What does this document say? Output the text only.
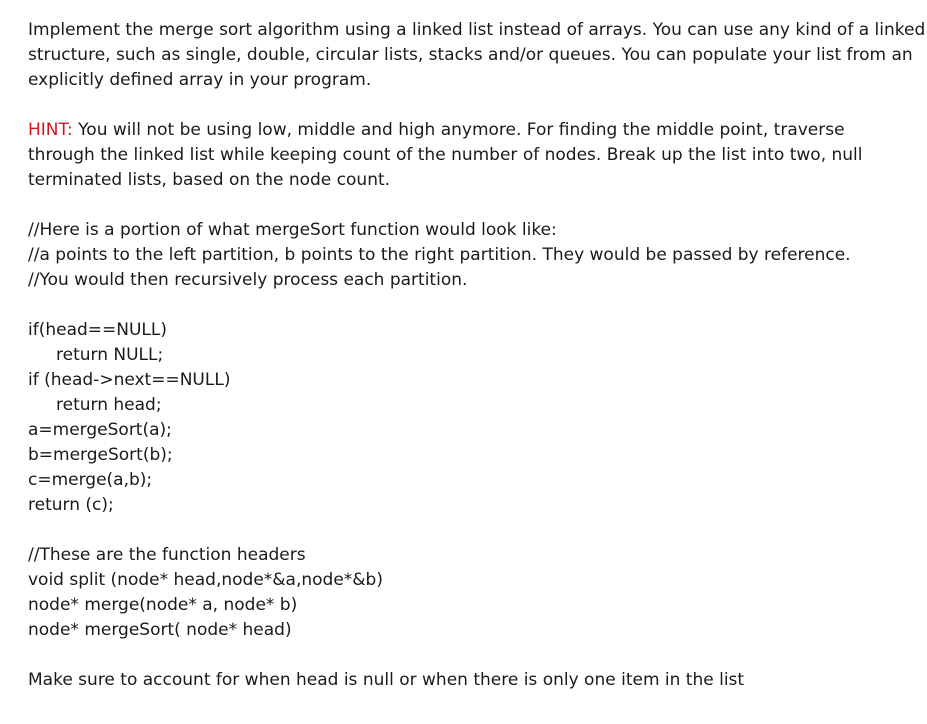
Implement the merge sort algorithm using a linked list instead of arrays. You can use any kind of a linked
structure, such as single, double, circular lists, stacks and/or queues. You can populate your list from an
explicitly defined array in your program.
HINT: You will not be using low, middle and high anymore. For finding the middle point, traverse
through the linked list while keeping count of the number of nodes. Break up the list into two, null
terminated lists, based on the node count.
//Here is a portion of what mergeSort function would look like:
//a points to the left partition, b points to the right partition. They would be passed by reference.
//You would then recursively process each partition.
if(head==NULL)
return NULL;
if (head->next==NULL)
return head;
a=mergeSort(a);
b=mergeSort(b);
c=merge(a,b);
return (c);
//These are the function headers
void split (node* head,node*&a,node*&b)
node* merge(node* a, node* b)
node* mergeSort( node* head)
Make sure to account for when head is null or when there is only one item in the list
